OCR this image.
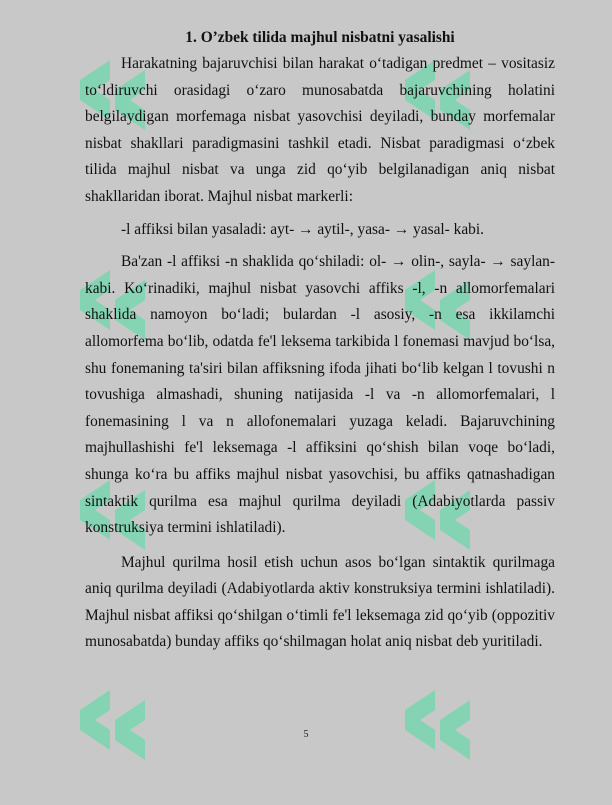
1. O’zbek tilida majhul nisbatni yasalishi

Harakatning bajaruvchisi bilan harakat o‘tadigan predmet – vositasiz to‘ldiruvchi orasidagi o‘zaro munosabatda bajaruvchining holatini belgilaydigan morfemaga nisbat yasovchisi deyiladi, bunday morfemalar nisbat shakllari paradigmasini tashkil etadi. Nisbat paradigmasi o‘zbek tilida majhul nisbat va unga zid qo‘yib belgilanadigan aniq nisbat shakllaridan iborat. Majhul nisbat markerli:

-l affiksi bilan yasaladi: ayt- → aytil-, yasa- → yasal- kabi.

Ba'zan -l affiksi -n shaklida qo‘shiladi: ol- → olin-, sayla- → saylan- kabi. Ko‘rinadiki, majhul nisbat yasovchi affiks -l, -n allomorfemalari shaklida namoyon bo‘ladi; bulardan -l asosiy, -n esa ikkilamchi allomorfema bo‘lib, odatda fe'l leksema tarkibida l fonemasi mavjud bo‘lsa, shu fonemaning ta'siri bilan affiksning ifoda jihati bo‘lib kelgan l tovushi n tovushiga almashadi, shuning natijasida -l va -n allomorfemalari, l fonemasining l va n allofonemalari yuzaga keladi. Bajaruvchining majhullashishi fe'l leksemaga -l affiksini qo‘shish bilan voqe bo‘ladi, shunga ko‘ra bu affiks majhul nisbat yasovchisi, bu affiks qatnashadigan sintaktik qurilma esa majhul qurilma deyiladi (Adabiyotlarda passiv konstruksiya termini ishlatiladi).

Majhul qurilma hosil etish uchun asos bo‘lgan sintaktik qurilmaga aniq qurilma deyiladi (Adabiyotlarda aktiv konstruksiya termini ishlatiladi). Majhul nisbat affiksi qo‘shilgan o‘timli fe'l leksemaga zid qo‘yib (oppozitiv munosabatda) bunday affiks qo‘shilmagan holat aniq nisbat deb yuritiladi.

5
